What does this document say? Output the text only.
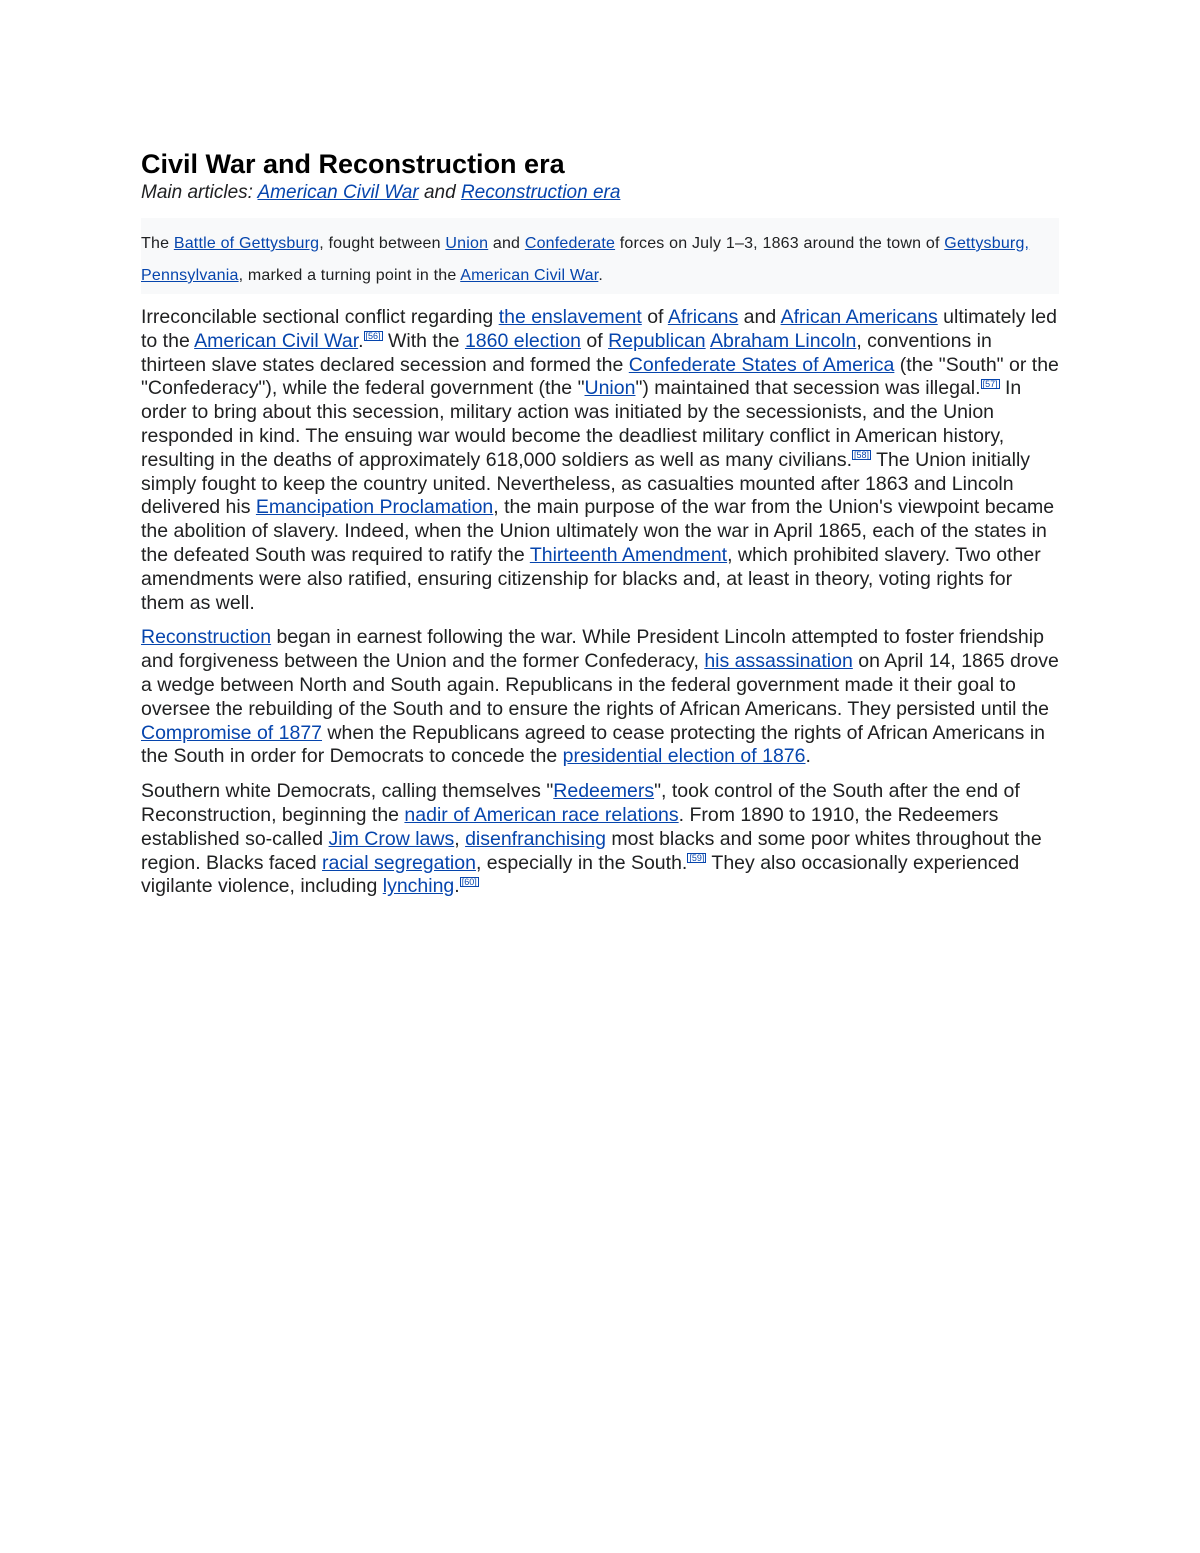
Civil War and Reconstruction era
Main articles: American Civil War and Reconstruction era
The Battle of Gettysburg, fought between Union and Confederate forces on July 1–3, 1863 around the town of Gettysburg, Pennsylvania, marked a turning point in the American Civil War.

Irreconcilable sectional conflict regarding the enslavement of Africans and African Americans ultimately led to the American Civil War. [56] With the 1860 election of Republican Abraham Lincoln, conventions in thirteen slave states declared secession and formed the Confederate States of America (the "South" or the "Confederacy"), while the federal government (the "Union") maintained that secession was illegal. [57] In order to bring about this secession, military action was initiated by the secessionists, and the Union responded in kind. The ensuing war would become the deadliest military conflict in American history, resulting in the deaths of approximately 618,000 soldiers as well as many civilians. [58] The Union initially simply fought to keep the country united. Nevertheless, as casualties mounted after 1863 and Lincoln delivered his Emancipation Proclamation, the main purpose of the war from the Union's viewpoint became the abolition of slavery. Indeed, when the Union ultimately won the war in April 1865, each of the states in the defeated South was required to ratify the Thirteenth Amendment, which prohibited slavery. Two other amendments were also ratified, ensuring citizenship for blacks and, at least in theory, voting rights for them as well.

Reconstruction began in earnest following the war. While President Lincoln attempted to foster friendship and forgiveness between the Union and the former Confederacy, his assassination on April 14, 1865 drove a wedge between North and South again. Republicans in the federal government made it their goal to oversee the rebuilding of the South and to ensure the rights of African Americans. They persisted until the Compromise of 1877 when the Republicans agreed to cease protecting the rights of African Americans in the South in order for Democrats to concede the presidential election of 1876.

Southern white Democrats, calling themselves "Redeemers", took control of the South after the end of Reconstruction, beginning the nadir of American race relations. From 1890 to 1910, the Redeemers established so-called Jim Crow laws, disenfranchising most blacks and some poor whites throughout the region. Blacks faced racial segregation, especially in the South. [59] They also occasionally experienced vigilante violence, including lynching. [60]
